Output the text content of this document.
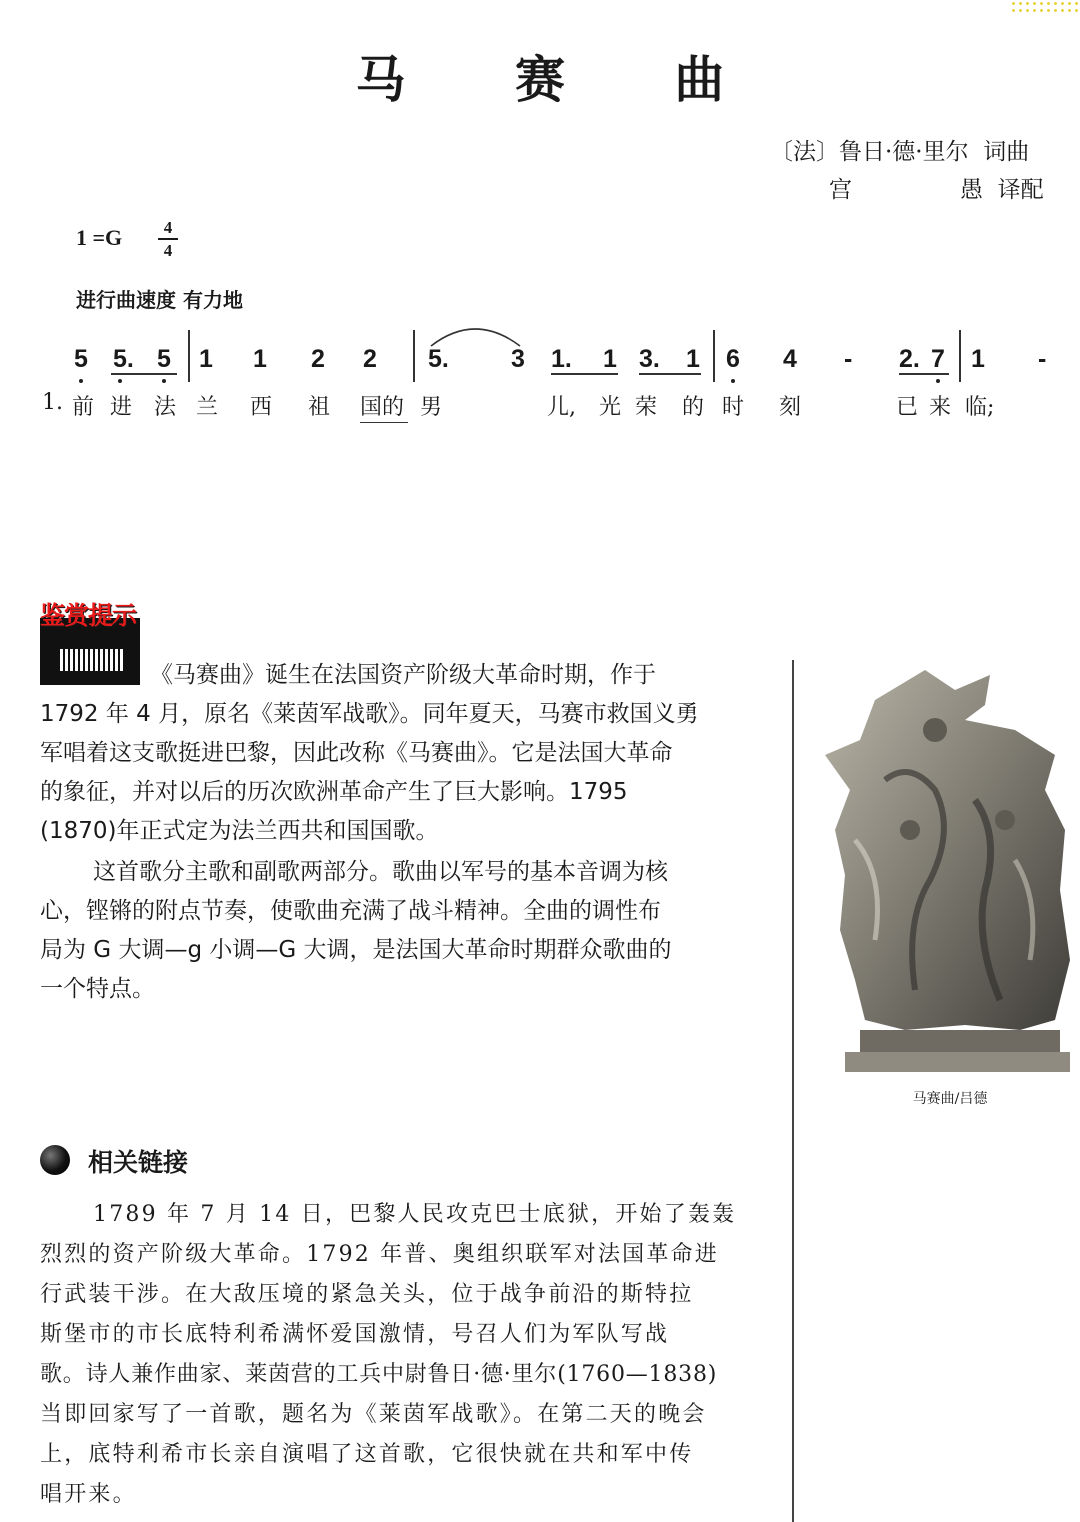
马 赛 曲
〔法〕鲁日·德·里尔  词曲
宫	愚  译配
1 =G	4
4
进行曲速度 有力地
5 5. 5 1 1 2 2 5. 3 1. 1 3. 1 6 4 - 2. 7 1 -
1. 前 进 法 兰 西 祖 国的 男	儿, 光 荣 的 时 刻	已 来 临;
鉴赏提示
《马赛曲》诞生在法国资产阶级大革命时期，作于
1792 年 4 月，原名《莱茵军战歌》。同年夏天，马赛市救国义勇
军唱着这支歌挺进巴黎，因此改称《马赛曲》。它是法国大革命
的象征，并对以后的历次欧洲革命产生了巨大影响。1795
(1870)年正式定为法兰西共和国国歌。
这首歌分主歌和副歌两部分。歌曲以军号的基本音调为核
心，铿锵的附点节奏，使歌曲充满了战斗精神。全曲的调性布
局为 G 大调—g 小调—G 大调，是法国大革命时期群众歌曲的
一个特点。
马赛曲/吕德
相关链接
1789 年 7 月 14 日，巴黎人民攻克巴士底狱，开始了轰轰
烈烈的资产阶级大革命。1792 年普、奥组织联军对法国革命进
行武装干涉。在大敌压境的紧急关头，位于战争前沿的斯特拉
斯堡市的市长底特利希满怀爱国激情，号召人们为军队写战
歌。诗人兼作曲家、莱茵营的工兵中尉鲁日·德·里尔(1760—1838)
当即回家写了一首歌，题名为《莱茵军战歌》。在第二天的晚会
上，底特利希市长亲自演唱了这首歌，它很快就在共和军中传
唱开来。
